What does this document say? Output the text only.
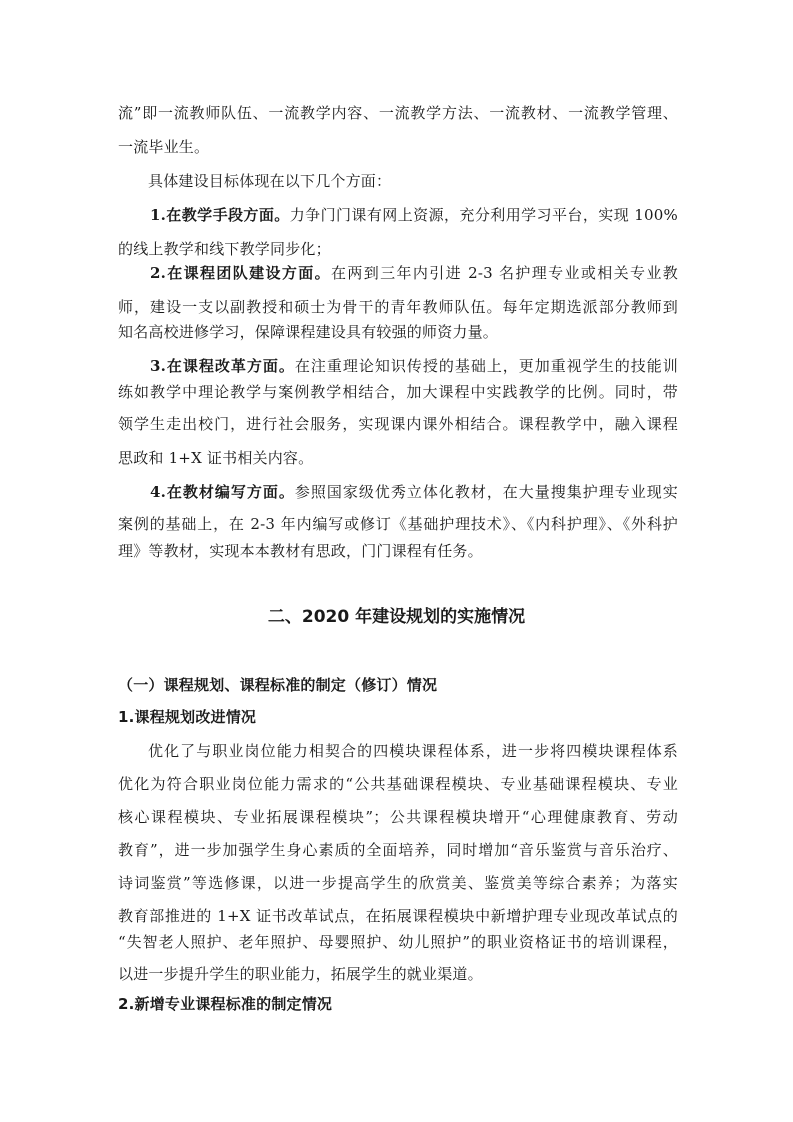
流”即一流教师队伍、一流教学内容、一流教学方法、一流教材、一流教学管理、
一流毕业生。
具体建设目标体现在以下几个方面：
1.在教学手段方面。力争门门课有网上资源，充分利用学习平台，实现 100%
的线上教学和线下教学同步化；
2.在课程团队建设方面。在两到三年内引进 2-3 名护理专业或相关专业教
师，建设一支以副教授和硕士为骨干的青年教师队伍。每年定期选派部分教师到
知名高校进修学习，保障课程建设具有较强的师资力量。
3.在课程改革方面。在注重理论知识传授的基础上，更加重视学生的技能训
练如教学中理论教学与案例教学相结合，加大课程中实践教学的比例。同时，带
领学生走出校门，进行社会服务，实现课内课外相结合。课程教学中，融入课程
思政和 1+X 证书相关内容。
4.在教材编写方面。参照国家级优秀立体化教材，在大量搜集护理专业现实
案例的基础上，在 2-3 年内编写或修订《基础护理技术》、《内科护理》、《外科护
理》等教材，实现本本教材有思政，门门课程有任务。
二、2020 年建设规划的实施情况
（一）课程规划、课程标准的制定（修订）情况
1.课程规划改进情况
优化了与职业岗位能力相契合的四模块课程体系，进一步将四模块课程体系
优化为符合职业岗位能力需求的“公共基础课程模块、专业基础课程模块、专业
核心课程模块、专业拓展课程模块”；公共课程模块增开“心理健康教育、劳动
教育”，进一步加强学生身心素质的全面培养，同时增加“音乐鉴赏与音乐治疗、
诗词鉴赏”等选修课，以进一步提高学生的欣赏美、鉴赏美等综合素养；为落实
教育部推进的 1+X 证书改革试点，在拓展课程模块中新增护理专业现改革试点的
“失智老人照护、老年照护、母婴照护、幼儿照护”的职业资格证书的培训课程，
以进一步提升学生的职业能力，拓展学生的就业渠道。
2.新增专业课程标准的制定情况
